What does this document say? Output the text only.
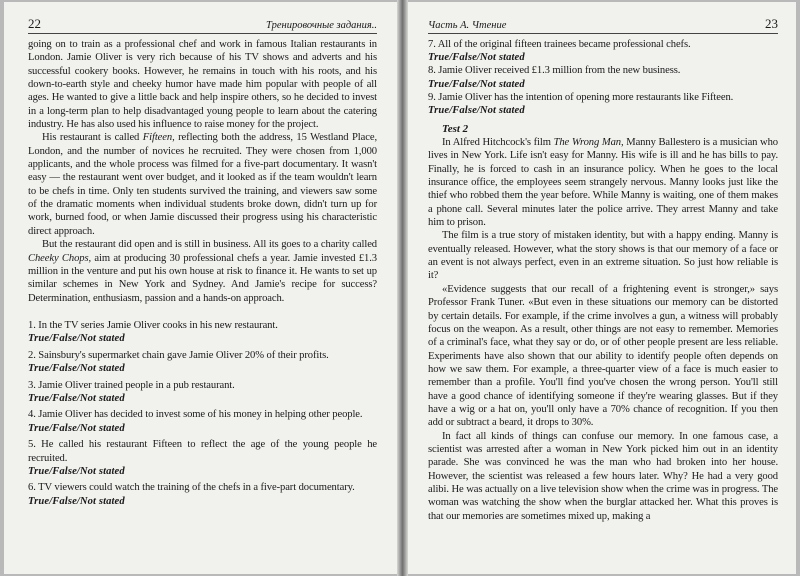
22	Тренировочные задания..

going on to train as a professional chef and work in famous Italian restaurants in London. Jamie Oliver is very rich because of his TV shows and adverts and his successful cookery books. However, he remains in touch with his roots, and his down-to-earth style and cheeky humor have made him popular with people of all ages. He wanted to give a little back and help inspire others, so he decided to invest in a long-term plan to help disadvantaged young people to learn about the catering industry. He has also used his influence to raise money for the project.

His restaurant is called Fifteen, reflecting both the address, 15 Westland Place, London, and the number of novices he recruited. They were chosen from 1,000 applicants, and the whole process was filmed for a five-part documentary. It wasn't easy — the restaurant went over budget, and it looked as if the team wouldn't learn to be chefs in time. Only ten students survived the training, and viewers saw some of the dramatic moments when individual students broke down, didn't turn up for work, burned food, or when Jamie discussed their progress using his characteristic direct approach.

But the restaurant did open and is still in business. All its goes to a charity called Cheeky Chops, aim at producing 30 professional chefs a year. Jamie invested £1.3 million in the venture and put his own house at risk to finance it. He wants to set up similar schemes in New York and Sydney. And Jamie's recipe for success? Determination, enthusiasm, passion and a hands-on approach.

1. In the TV series Jamie Oliver cooks in his new restaurant.
True/False/Not stated
2. Sainsbury's supermarket chain gave Jamie Oliver 20% of their profits.
True/False/Not stated
3. Jamie Oliver trained people in a pub restaurant.
True/False/Not stated
4. Jamie Oliver has decided to invest some of his money in helping other people.
True/False/Not stated
5. He called his restaurant Fifteen to reflect the age of the young people he recruited.
True/False/Not stated
6. TV viewers could watch the training of the chefs in a five-part documentary.
True/False/Not stated
Часть А. Чтение	23
7. All of the original fifteen trainees became professional chefs.
True/False/Not stated
8. Jamie Oliver received £1.3 million from the new business.
True/False/Not stated
9. Jamie Oliver has the intention of opening more restaurants like Fifteen.
True/False/Not stated
Test 2

In Alfred Hitchcock's film The Wrong Man, Manny Ballestero is a musician who lives in New York. Life isn't easy for Manny. His wife is ill and he has bills to pay. Finally, he is forced to cash in an insurance policy. When he goes to the local insurance office, the employees seem strangely nervous. Manny looks just like the thief who robbed them the year before. While Manny is waiting, one of them makes a phone call. Several minutes later the police arrive. They arrest Manny and take him to prison.

The film is a true story of mistaken identity, but with a happy ending. Manny is eventually released. However, what the story shows is that our memory of a face or an event is not always perfect, even in an extreme situation. So just how reliable is it?

«Evidence suggests that our recall of a frightening event is stronger,» says Professor Frank Tuner. «But even in these situations our memory can be distorted by certain details. For example, if the crime involves a gun, a witness will probably focus on the weapon. As a result, other things are not easy to remember. Memories of a criminal's face, what they say or do, or of other people present are less reliable. Experiments have also shown that our ability to identify people often depends on how we saw them. For example, a three-quarter view of a face is much easier to remember than a profile. You'll find you've chosen the wrong person. You'll still have a good chance of identifying someone if they're wearing glasses. But if they have a wig or a hat on, you'll only have a 70% chance of recognition. If you then add or subtract a beard, it drops to 30%.

In fact all kinds of things can confuse our memory. In one famous case, a scientist was arrested after a woman in New York picked him out in an identity parade. She was convinced he was the man who had broken into her house. However, the scientist was released a few hours later. Why? He had a very good alibi. He was actually on a live television show when the crime was in progress. The woman was watching the show when the burglar attacked her. What this proves is that our memories are sometimes mixed up, making a
